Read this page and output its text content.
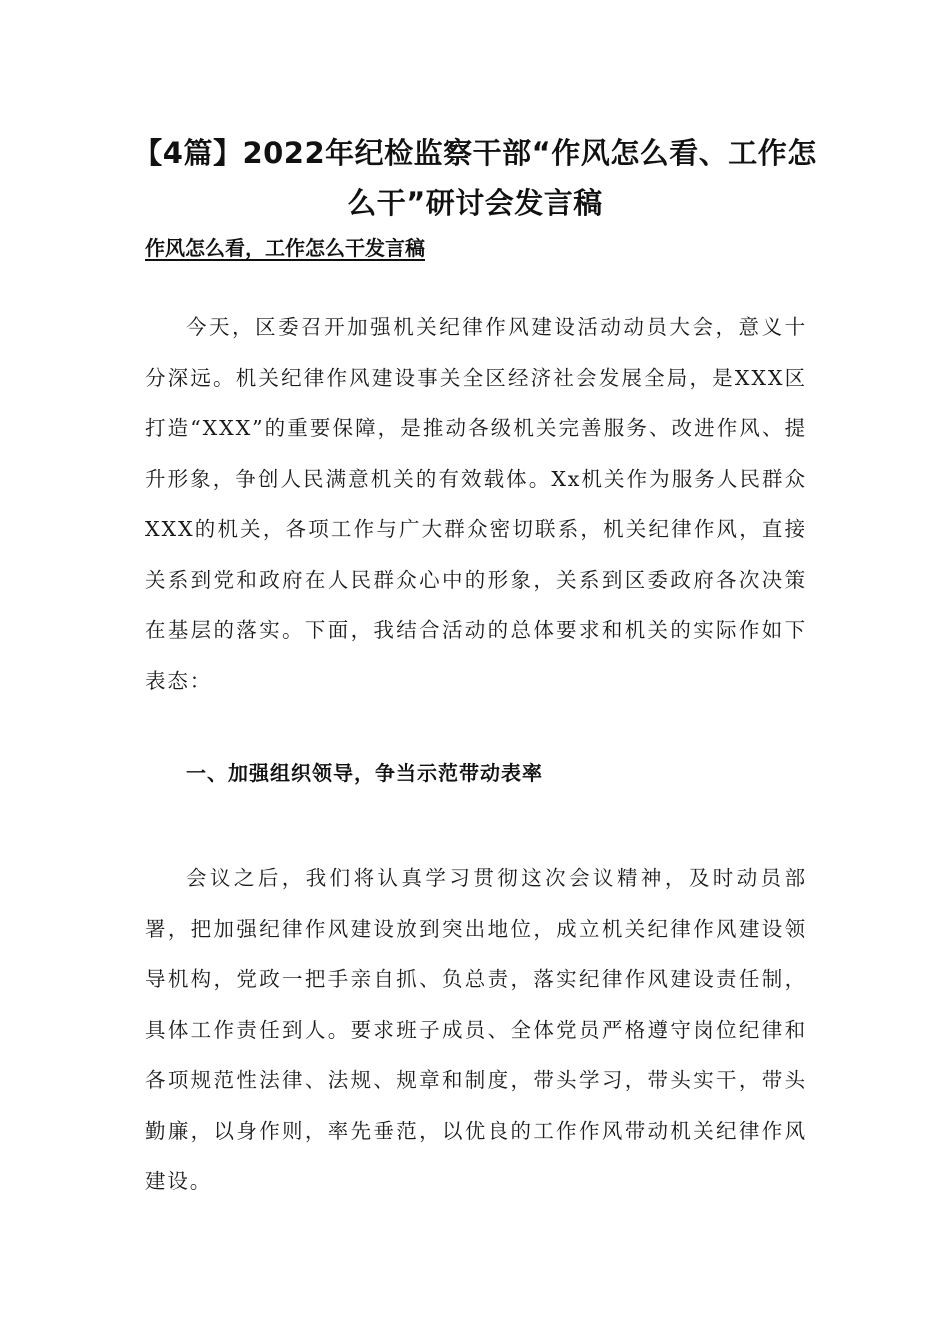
【4篇】2022年纪检监察干部“作风怎么看、工作怎么干”研讨会发言稿
作风怎么看，工作怎么干发言稿

今天，区委召开加强机关纪律作风建设活动动员大会，意义十分深远。机关纪律作风建设事关全区经济社会发展全局，是XXX区打造“XXX”的重要保障，是推动各级机关完善服务、改进作风、提升形象，争创人民满意机关的有效载体。Xx机关作为服务人民群众XXX的机关，各项工作与广大群众密切联系，机关纪律作风，直接关系到党和政府在人民群众心中的形象，关系到区委政府各次决策在基层的落实。下面，我结合活动的总体要求和机关的实际作如下表态：

一、加强组织领导，争当示范带动表率

会议之后，我们将认真学习贯彻这次会议精神，及时动员部署，把加强纪律作风建设放到突出地位，成立机关纪律作风建设领导机构，党政一把手亲自抓、负总责，落实纪律作风建设责任制，具体工作责任到人。要求班子成员、全体党员严格遵守岗位纪律和各项规范性法律、法规、规章和制度，带头学习，带头实干，带头勤廉，以身作则，率先垂范，以优良的工作作风带动机关纪律作风建设。
